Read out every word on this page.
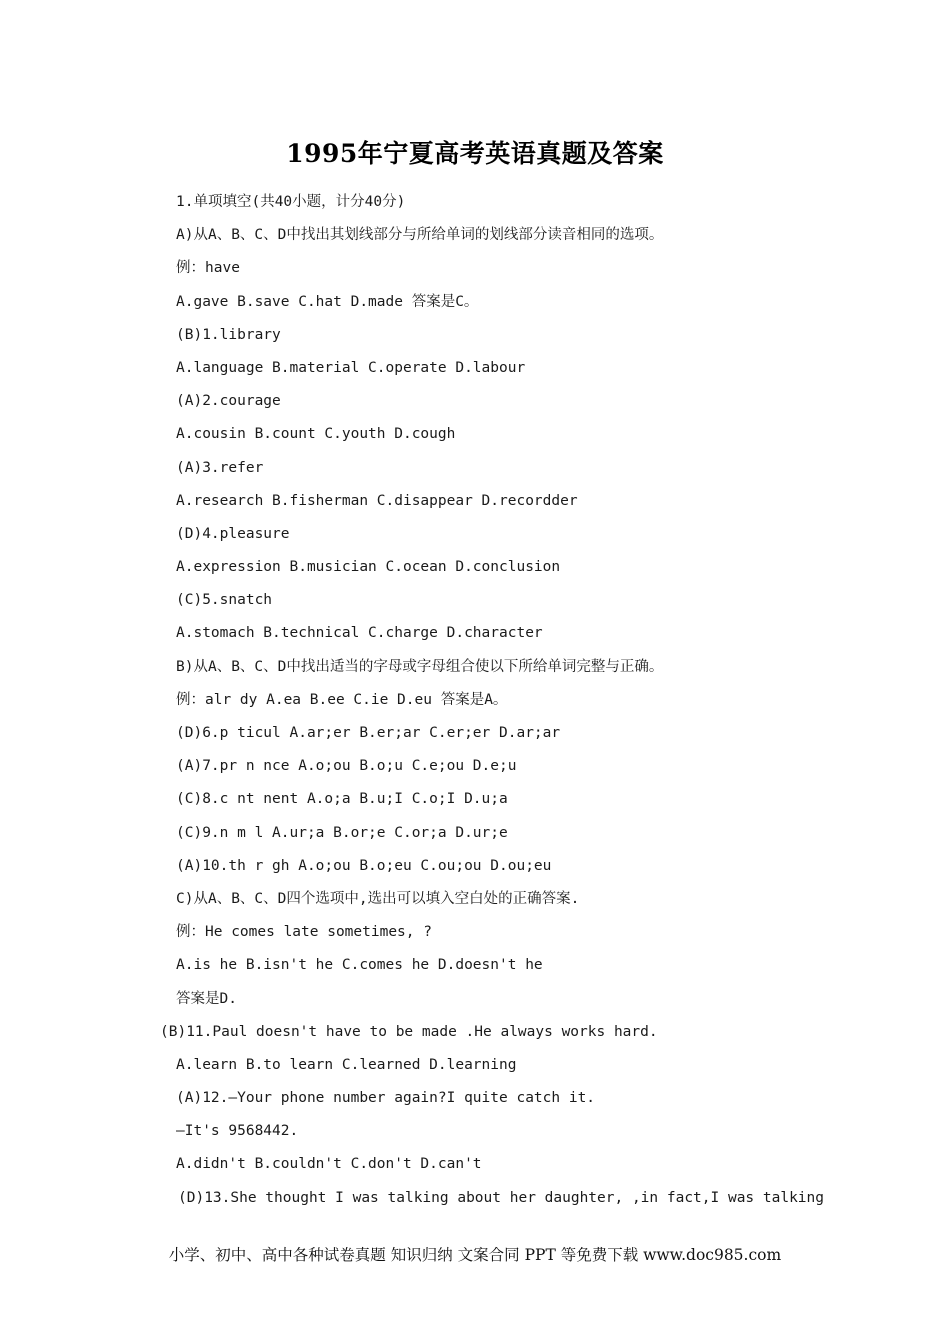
1995年宁夏高考英语真题及答案
1.单项填空(共40小题，计分40分)
A)从A、B、C、D中找出其划线部分与所给单词的划线部分读音相同的选项。
例：have
A.gave B.save C.hat D.made 答案是C。
(B)1.library
A.language B.material C.operate D.labour
(A)2.courage
A.cousin B.count C.youth D.cough
(A)3.refer
A.research B.fisherman C.disappear D.recordder
(D)4.pleasure
A.expression B.musician C.ocean D.conclusion
(C)5.snatch
A.stomach B.technical C.charge D.character
B)从A、B、C、D中找出适当的字母或字母组合使以下所给单词完整与正确。
例：alr dy A.ea B.ee C.ie D.eu 答案是A。
(D)6.p ticul A.ar;er B.er;ar C.er;er D.ar;ar
(A)7.pr n nce A.o;ou B.o;u C.e;ou D.e;u
(C)8.c nt nent A.o;a B.u;I C.o;I D.u;a
(C)9.n m l A.ur;a B.or;e C.or;a D.ur;e
(A)10.th r gh A.o;ou B.o;eu C.ou;ou D.ou;eu
C)从A、B、C、D四个选项中,选出可以填入空白处的正确答案.
例：He comes late sometimes, ?
A.is he B.isn't he C.comes he D.doesn't he
答案是D.
(B)11.Paul doesn't have to be made .He always works hard.
A.learn B.to learn C.learned D.learning
(A)12.—Your phone number again?I quite catch it.
—It's 9568442.
A.didn't B.couldn't C.don't D.can't
(D)13.She thought I was talking about her daughter, ,in fact,I was talking
小学、初中、高中各种试卷真题 知识归纳 文案合同 PPT 等免费下载 www.doc985.com
